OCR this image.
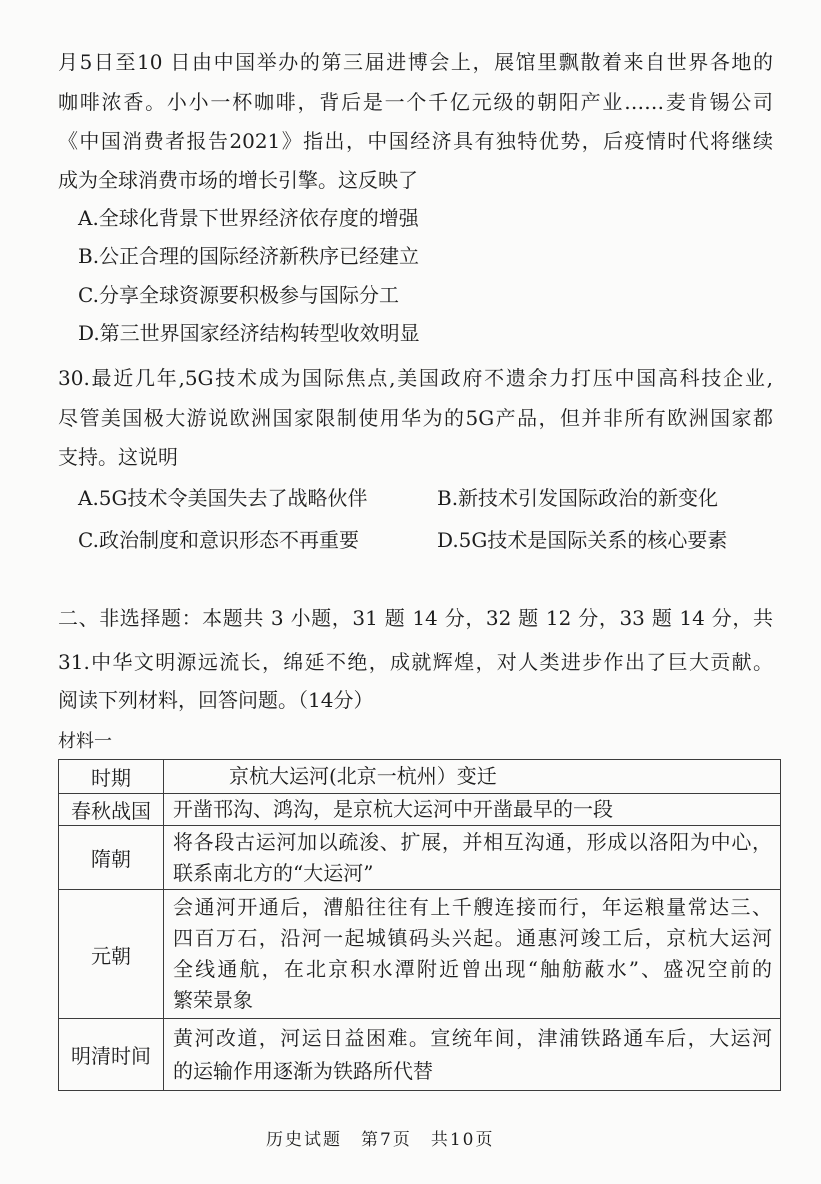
月5日至10 日由中国举办的第三届进博会上，展馆里飘散着来自世界各地的
咖啡浓香。小小一杯咖啡，背后是一个千亿元级的朝阳产业……麦肯锡公司
《中国消费者报告2021》指出，中国经济具有独特优势，后疫情时代将继续
成为全球消费市场的增长引擎。这反映了
A.全球化背景下世界经济依存度的增强
B.公正合理的国际经济新秩序已经建立
C.分享全球资源要积极参与国际分工
D.第三世界国家经济结构转型收效明显
30.最近几年,5G技术成为国际焦点,美国政府不遗余力打压中国高科技企业,
尽管美国极大游说欧洲国家限制使用华为的5G产品，但并非所有欧洲国家都
支持。这说明
A.5G技术令美国失去了战略伙伴	B.新技术引发国际政治的新变化
C.政治制度和意识形态不再重要	D.5G技术是国际关系的核心要素
二、非选择题：本题共 3 小题，31 题 14 分，32 题 12 分，33 题 14 分，共
31.中华文明源远流长，绵延不绝，成就辉煌，对人类进步作出了巨大贡献。
阅读下列材料，回答问题。（14分）
材料一
时期	京杭大运河(北京一杭州）变迁

春秋战国	开凿邗沟、鸿沟，是京杭大运河中开凿最早的一段

隋朝	将各段古运河加以疏浚、扩展，并相互沟通，形成以洛阳为中心，
联系南北方的“大运河”

元朝	会通河开通后，漕船往往有上千艘连接而行，年运粮量常达三、
四百万石，沿河一起城镇码头兴起。通惠河竣工后，京杭大运河
全线通航，在北京积水潭附近曾出现“舳舫蔽水”、盛况空前的
繁荣景象

明清时间	黄河改道，河运日益困难。宣统年间，津浦铁路通车后，大运河
的运输作用逐渐为铁路所代替
历史试题　第7页　共10页
